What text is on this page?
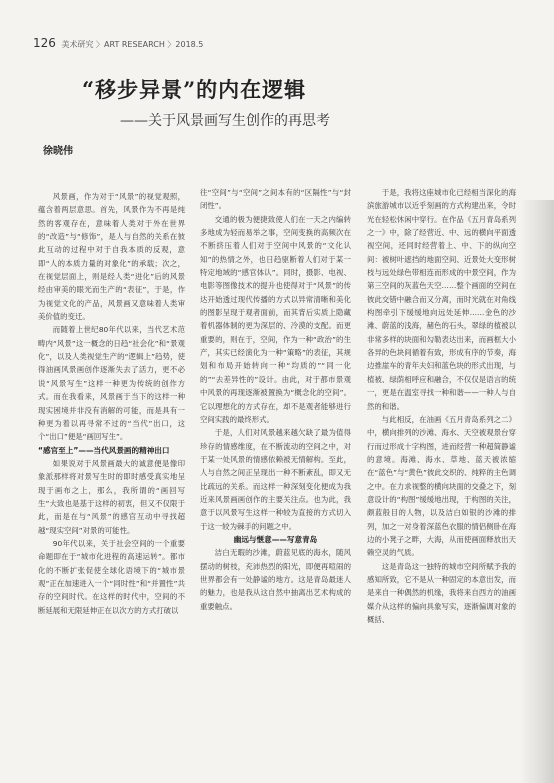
126 美术研究 〉ART RESEARCH 〉2018.5
“移步异景”的内在逻辑
——关于风景画写生创作的再思考
徐晓伟

风景画，作为对于“风景”的视觉观照，蕴含着两层意思。首先，风景作为不再是纯然的客观存在，意味着人类对于外在世界的“改造”与“修饰”，是人与自然的关系在彼此互动的过程中对于自我本质的反观，意即“人的本质力量的对象化”的承载；次之，在视觉层面上，则是经人类“进化”后的风景经由审美的眼光而生产的“表征”，于是，作为视觉文化的产品，风景画又意味着人类审美价值的变迁。

而随着上世纪80年代以来，当代艺术范畴内“风景”这一概念的日趋“社会化”和“景观化”，以及人类视觉生产的“逻辑上”趋势，使得油画风景画创作逐渐失去了活力，更不必说“风景写生”这样一种更为传统的创作方式。而在我看来，风景画于当下的这样一种现实困境并非没有消解的可能，而是具有一种更为着以再寻常不过的“当代”出口，这个“出口”便是“画回写生”。

“感官至上”——当代风景画的精神出口

如果说对于风景画最大的诚意便是像印象派那样将对景写生时的即时感受真实地呈现于画布之上，那么，我所谓的“画回写生”大致也是基于这样的初衷，但又不仅限于此，而是在与“风景”的感官互动中寻找超越“现实空间”对景的可能性。

90年代以来，关于社会空间的一个重要命题即在于“城市化进程的高速运转”。都市化的不断扩张促使全球化语境下的“城市景观”正在加速进入一个“同时性”和“并置性”共存的空间时代。在这样的时代中，空间的不断延展和无限延伸正在以次方的方式打破以

往“空间”与“空间”之间本有的“区隔性”与“封闭性”。

交通的极为便捷致使人们在一天之内编转多地成为轻而易举之事，空间变换的高频次在不断挤压着人们对于空间中风景的“文化认知”的热情之外，也日趋驱断着人们对于某一特定地域的“感官体认”。同时，摄影、电视、电影等图像技术的提升也使得对于“风景”的传达开始透过现代传播的方式以异常清晰和美化的图影呈现于观者面前，而其背后实质上隐藏着机器体制的更为深层的、冷漠的支配。而更重要的，则在于，空间，作为一种“政治”的生产，其实已经演化为一种“策略”的表征，其规划和布局开始转向一种“均质的”“同一化的”“去差异性的”设计。由此，对于都市景观中风景的再现逐渐被置换为“概念化的空间”。它以理想化的方式存在，却不是观者能够进行空间实践的最终形式。

于是，人们对风景越来越欠缺了最为值得珍存的情感维度，在不断流动的空间之中，对于某一处风景的情感依赖被无情解构。至此，人与自然之间正呈现出一种不断紊乱，即又无比疏远的关系。而这样一种深刻变化便成为我近来风景画画创作的主要关注点。也为此，我意于以风景写生这样一种较为直接的方式切入于这一较为棘手的问题之中。

幽远与惬意——写意青岛

洁白无暇的沙滩，蔚蓝见底的海水，随风摆动的树枝，充沛热烈的阳光，即便再喧闹的世界都会有一处静谧的地方。这是青岛最迷人的魅力，也是我从这自然中抽离出艺术构成的重要触点。

于是，我将这座城市化已经相当深化的海滨旅游城市以近乎刻画的方式构建出来，令时光在轻松休闲中穿行。在作品《五月青岛系列之一》中，除了经营近、中、远的横向平面透视空间，还同时经营着上、中、下的纵向空间：被树叶遮挡的地面空间、近景处大变形树枝与远处绿色带相连而形成的中景空间，作为第三空间的灰蓝色天空……整个画面的空间在彼此交错中融合而又分离，而时光就在对角线构图牵引下缓缓地向远处延伸……金色的沙滩、蔚蓝的浅海，赭色的石头，翠绿的植被以非常多样的块面和勾勒表达出来，而画框大小各异的色块间循着有致，形成有序的节奏，海边推崖车的青年夫妇和蓝色块的形式出现，与植被、绿荫相呼应和融合，不仅仅是语言的统一，更是在温室寻找一种和谐——一种人与自然的和谐。

与此相反，在油画《五月青岛系列之二》中，横向排列的沙滩、海水、天空被观景台穿行而过形成十字构图，进而经营一种超简静谧的意境。海滩、海水、草地、蓝天被浓缩在“蓝色”与“黄色”彼此交织的、纯粹的主色调之中。在力求视整的横向块面的交叠之下，刻意设计的“构图”缓缓地出现，于构图的关注，颇蓝般目的人物，以及洁白如银的沙滩的排列，加之一对身着深蓝色衣服的情侣侧卧在海边的小凳子之畔，大海，从而使画面释放出天赖空灵的气质。

这是青岛这一独特的城市空间所赋予我的感知所致，它不是从一种固定的本意出发，而是来自一种偶然的机缘，我将来自西方的油画媒介从这样的偏向具象写实，逐渐偏调对象的概括、
